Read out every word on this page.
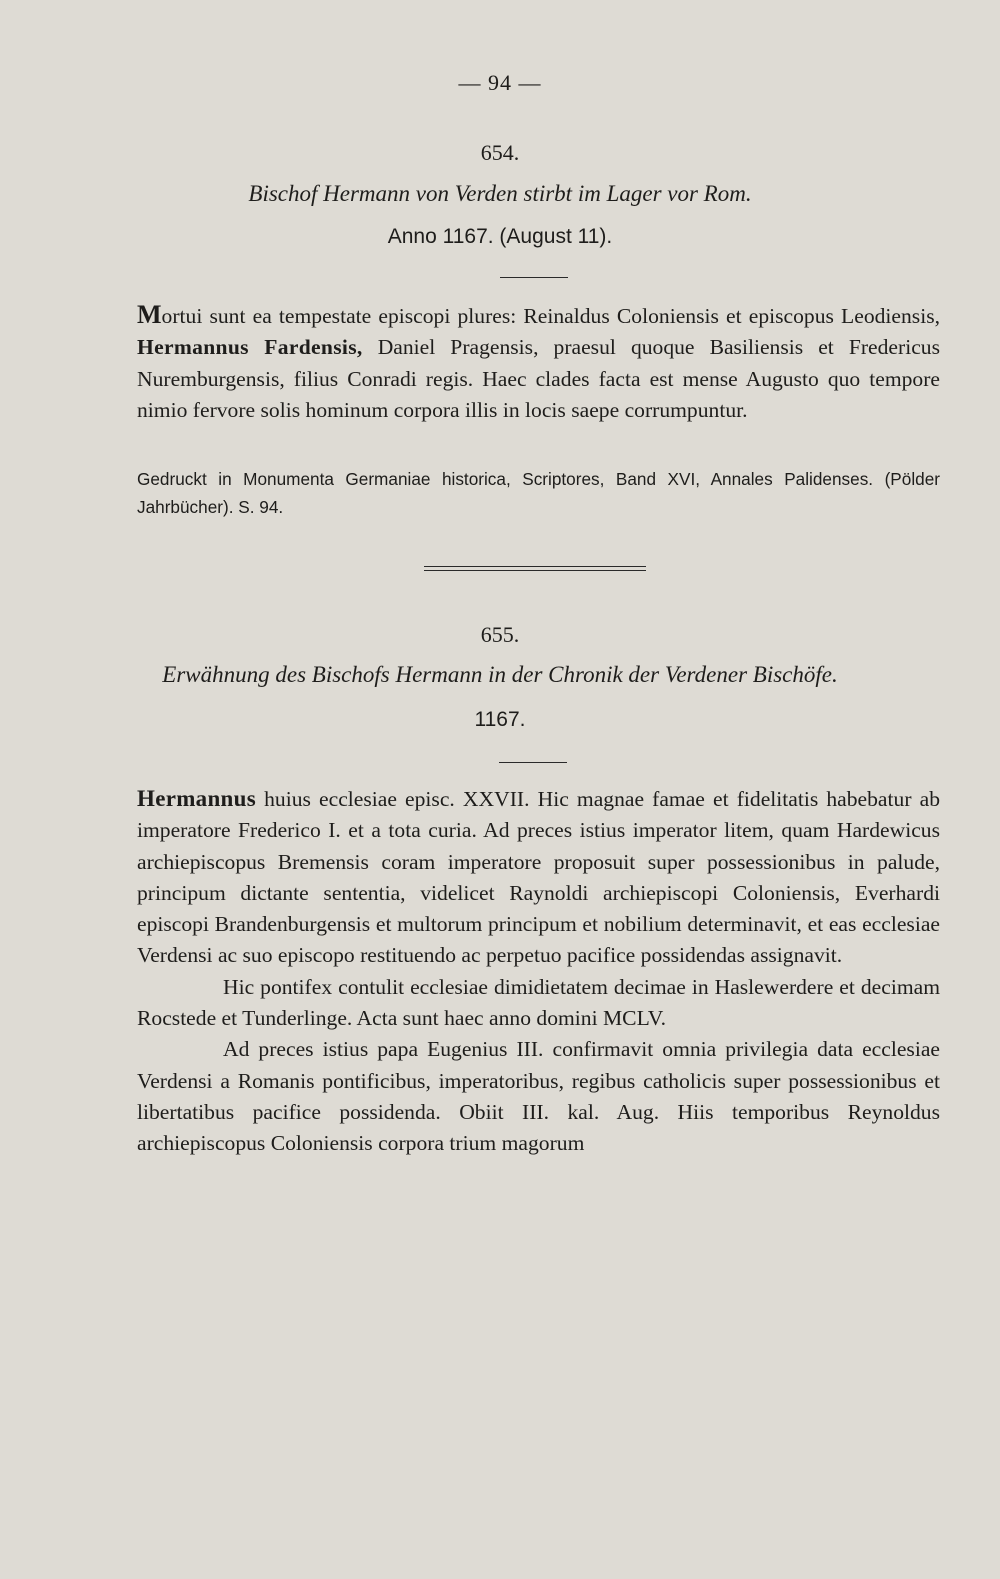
— 94 —
654.
Bischof Hermann von Verden stirbt im Lager vor Rom.
Anno 1167. (August 11).

Mortui sunt ea tempestate episcopi plures: Reinaldus Coloniensis et episcopus Leodiensis, Hermannus Fardensis, Daniel Pragensis, praesul quoque Basiliensis et Fredericus Nuremburgensis, filius Conradi regis. Haec clades facta est mense Augusto quo tempore nimio fervore solis hominum corpora illis in locis saepe corrumpuntur.

Gedruckt in Monumenta Germaniae historica, Scriptores, Band XVI, Annales Palidenses. (Pölder Jahrbücher). S. 94.
655.
Erwähnung des Bischofs Hermann in der Chronik der Verdener Bischöfe.
1167.

Hermannus huius ecclesiae episc. XXVII. Hic magnae famae et fidelitatis habebatur ab imperatore Frederico I. et a tota curia. Ad preces istius imperator litem, quam Hardewicus archiepiscopus Bremensis coram imperatore proposuit super possessionibus in palude, principum dictante sententia, videlicet Raynoldi archiepiscopi Coloniensis, Everhardi episcopi Brandenburgensis et multorum principum et nobilium determinavit, et eas ecclesiae Verdensi ac suo episcopo restituendo ac perpetuo pacifice possidendas assignavit.

Hic pontifex contulit ecclesiae dimidietatem decimae in Haslewerdere et decimam Rocstede et Tunderlinge. Acta sunt haec anno domini MCLV.

Ad preces istius papa Eugenius III. confirmavit omnia privilegia data ecclesiae Verdensi a Romanis pontificibus, imperatoribus, regibus catholicis super possessionibus et libertatibus pacifice possidenda. Obiit III. kal. Aug. Hiis temporibus Reynoldus archiepiscopus Coloniensis corpora trium magorum
